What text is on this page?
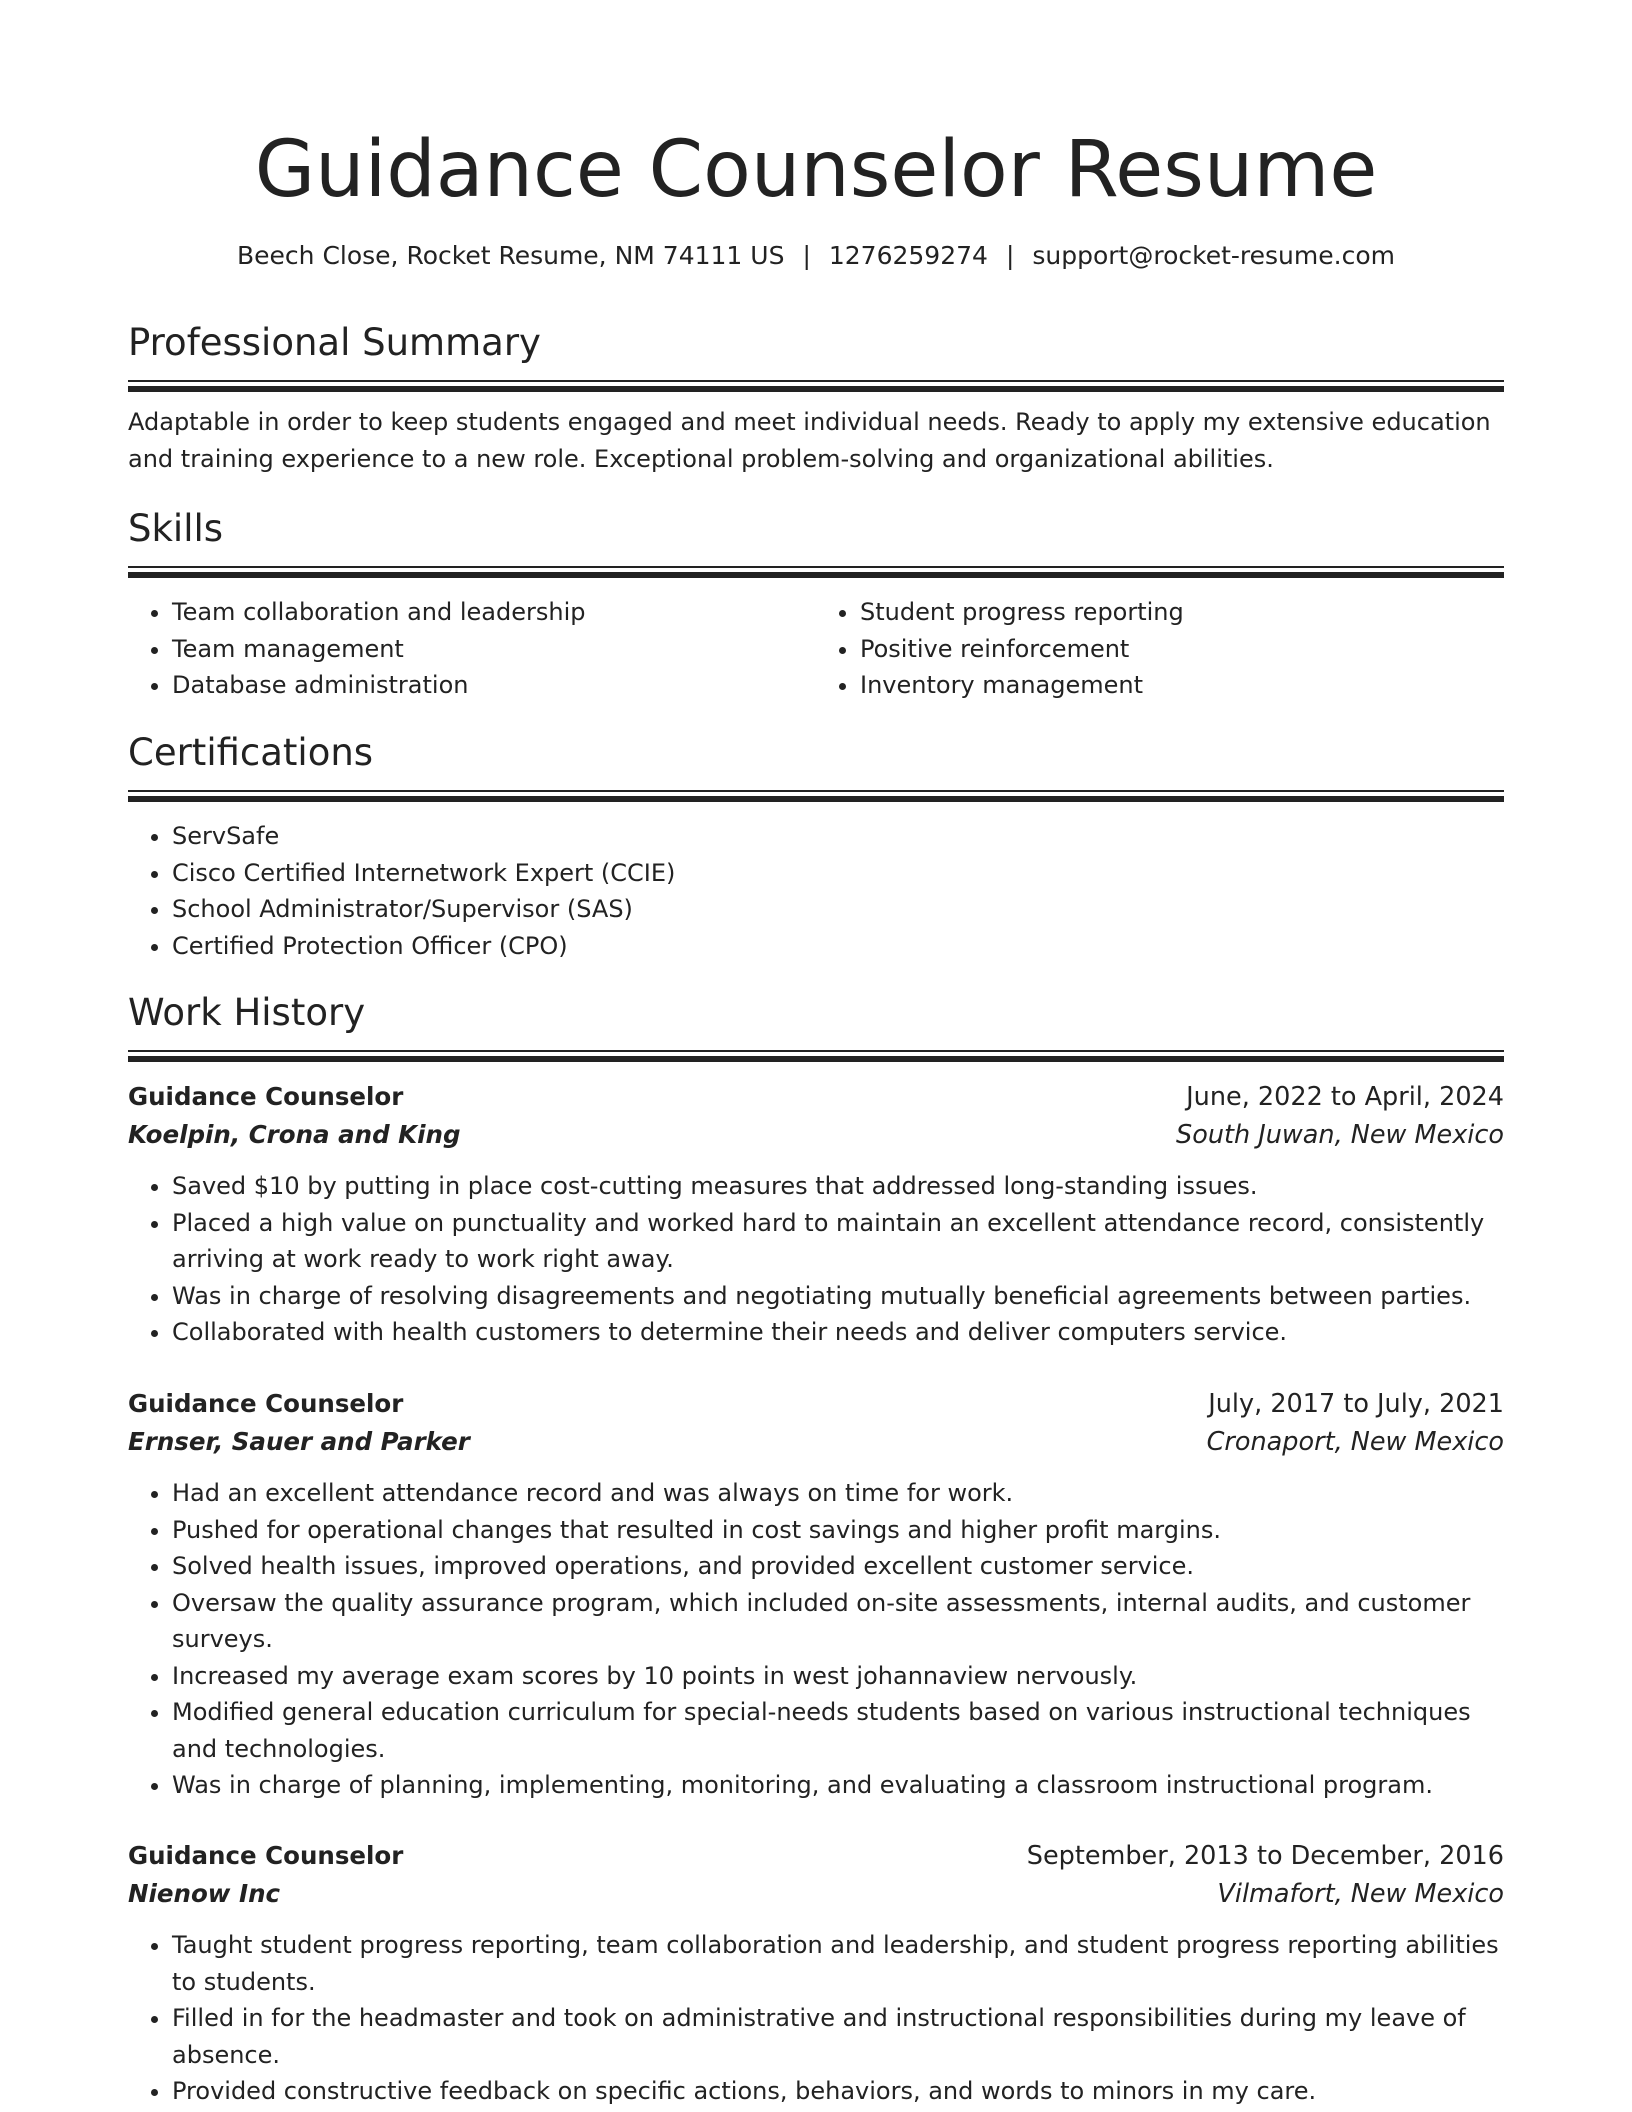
Guidance Counselor Resume
Beech Close, Rocket Resume, NM 74111 US | 1276259274 | support@rocket-resume.com
Professional Summary
Adaptable in order to keep students engaged and meet individual needs. Ready to apply my extensive education and training experience to a new role. Exceptional problem-solving and organizational abilities.
Skills
• Team collaboration and leadership
• Team management
• Database administration
• Student progress reporting
• Positive reinforcement
• Inventory management
Certifications
• ServSafe
• Cisco Certified Internetwork Expert (CCIE)
• School Administrator/Supervisor (SAS)
• Certified Protection Officer (CPO)
Work History
Guidance Counselor	June, 2022 to April, 2024
Koelpin, Crona and King	South Juwan, New Mexico
• Saved $10 by putting in place cost-cutting measures that addressed long-standing issues.
• Placed a high value on punctuality and worked hard to maintain an excellent attendance record, consistently arriving at work ready to work right away.
• Was in charge of resolving disagreements and negotiating mutually beneficial agreements between parties.
• Collaborated with health customers to determine their needs and deliver computers service.
Guidance Counselor	July, 2017 to July, 2021
Ernser, Sauer and Parker	Cronaport, New Mexico
• Had an excellent attendance record and was always on time for work.
• Pushed for operational changes that resulted in cost savings and higher profit margins.
• Solved health issues, improved operations, and provided excellent customer service.
• Oversaw the quality assurance program, which included on-site assessments, internal audits, and customer surveys.
• Increased my average exam scores by 10 points in west johannaview nervously.
• Modified general education curriculum for special-needs students based on various instructional techniques and technologies.
• Was in charge of planning, implementing, monitoring, and evaluating a classroom instructional program.
Guidance Counselor	September, 2013 to December, 2016
Nienow Inc	Vilmafort, New Mexico
• Taught student progress reporting, team collaboration and leadership, and student progress reporting abilities to students.
• Filled in for the headmaster and took on administrative and instructional responsibilities during my leave of absence.
• Provided constructive feedback on specific actions, behaviors, and words to minors in my care.
